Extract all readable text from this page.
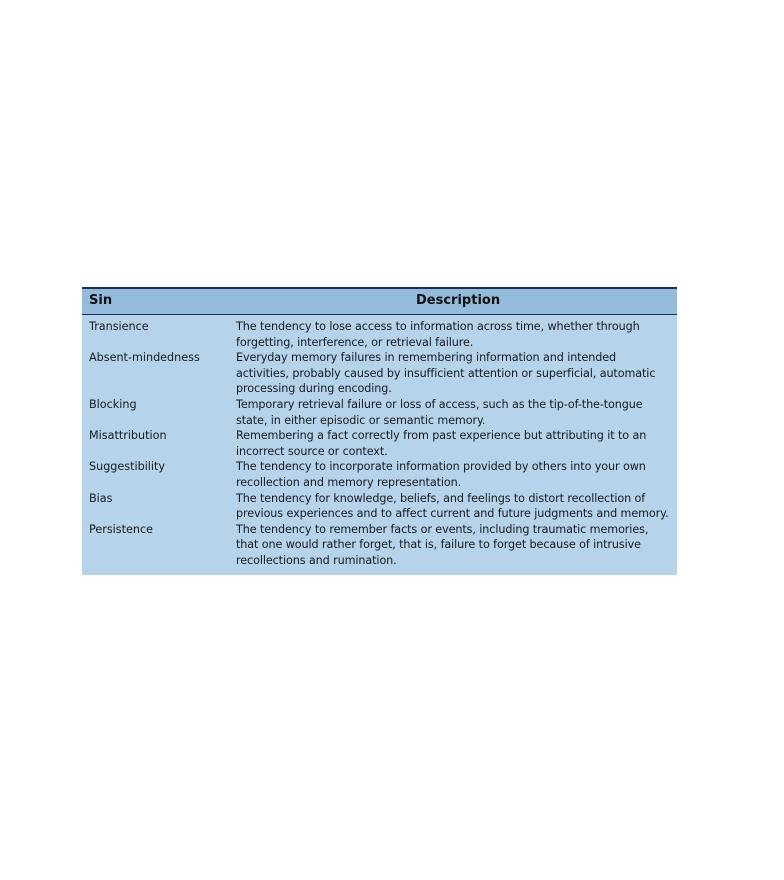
Sin	Description
Transience	The tendency to lose access to information across time, whether through forgetting, interference, or retrieval failure.
Absent-mindedness	Everyday memory failures in remembering information and intended activities, probably caused by insufficient attention or superficial, automatic processing during encoding.
Blocking	Temporary retrieval failure or loss of access, such as the tip-of-the-tongue state, in either episodic or semantic memory.
Misattribution	Remembering a fact correctly from past experience but attributing it to an incorrect source or context.
Suggestibility	The tendency to incorporate information provided by others into your own recollection and memory representation.
Bias	The tendency for knowledge, beliefs, and feelings to distort recollection of previous experiences and to affect current and future judgments and memory.
Persistence	The tendency to remember facts or events, including traumatic memories, that one would rather forget, that is, failure to forget because of intrusive recollections and rumination.
